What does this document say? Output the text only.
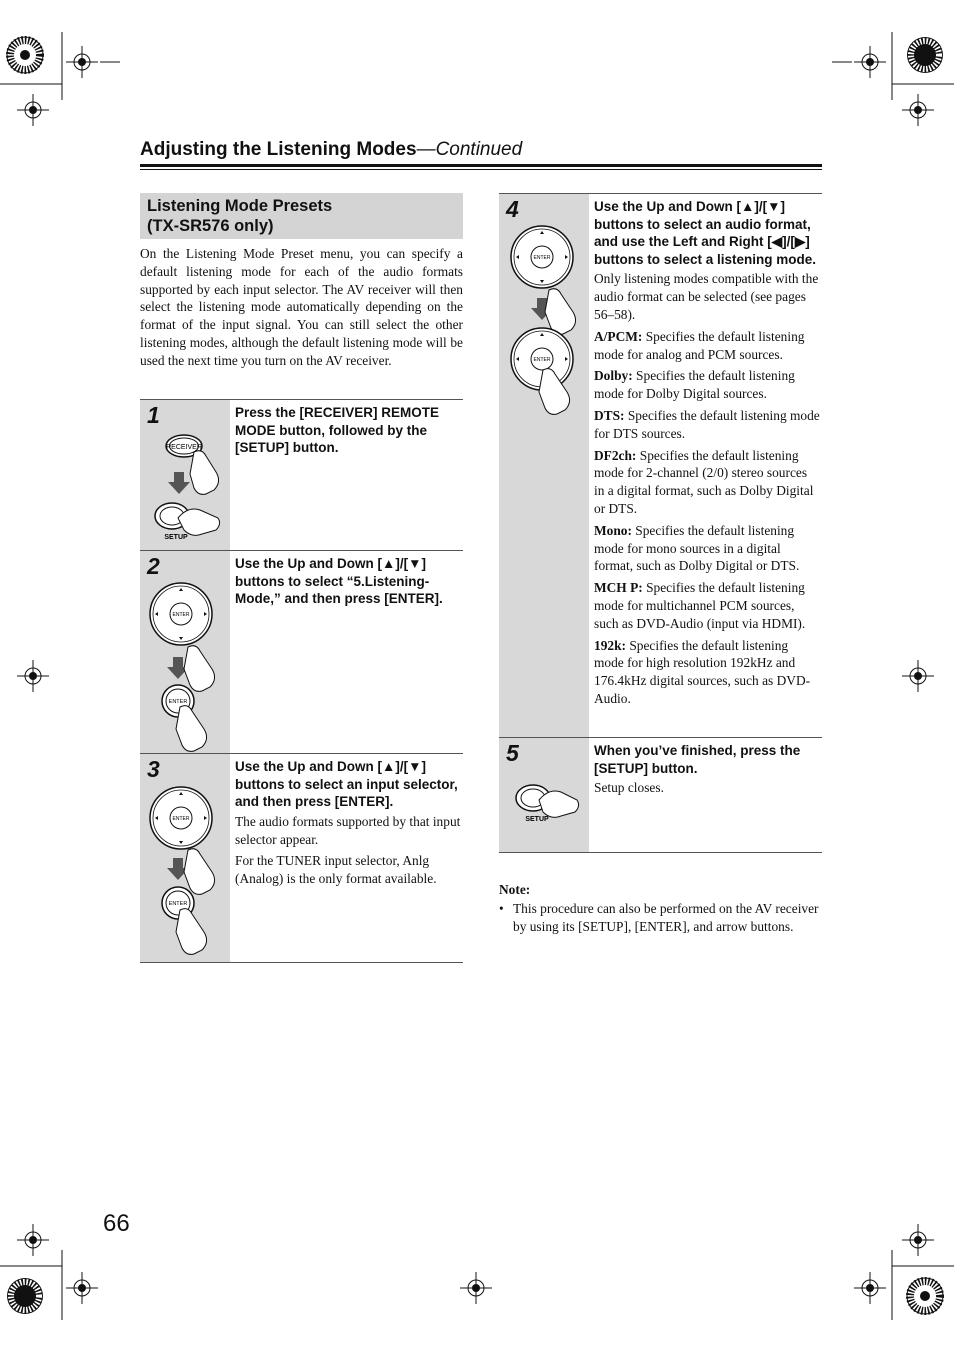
Adjusting the Listening Modes—Continued
Listening Mode Presets
(TX-SR576 only)
On the Listening Mode Preset menu, you can specify a default listening mode for each of the audio formats supported by each input selector. The AV receiver will then select the listening mode automatically depending on the format of the input signal. You can still select the other listening modes, although the default listening mode will be used the next time you turn on the AV receiver.
1
RECEIVER
SETUP
Press the [RECEIVER] REMOTE MODE button, followed by the [SETUP] button.
2
ENTER
ENTER
Use the Up and Down [▲]/[▼] buttons to select “5.Listening-Mode,” and then press [ENTER].
3
ENTER
ENTER
Use the Up and Down [▲]/[▼] buttons to select an input selector, and then press [ENTER].
The audio formats supported by that input selector appear.
For the TUNER input selector, Anlg (Analog) is the only format available.
4
ENTER
ENTER
Use the Up and Down [▲]/[▼] buttons to select an audio format, and use the Left and Right [◀]/[▶] buttons to select a listening mode.
Only listening modes compatible with the audio format can be selected (see pages 56–58).
A/PCM: Specifies the default listening mode for analog and PCM sources.
Dolby: Specifies the default listening mode for Dolby Digital sources.
DTS: Specifies the default listening mode for DTS sources.
DF2ch: Specifies the default listening mode for 2-channel (2/0) stereo sources in a digital format, such as Dolby Digital or DTS.
Mono: Specifies the default listening mode for mono sources in a digital format, such as Dolby Digital or DTS.
MCH P: Specifies the default listening mode for multichannel PCM sources, such as DVD-Audio (input via HDMI).
192k: Specifies the default listening mode for high resolution 192kHz and 176.4kHz digital sources, such as DVD-Audio.
5
SETUP
When you’ve finished, press the [SETUP] button.
Setup closes.
Note:
• This procedure can also be performed on the AV receiver by using its [SETUP], [ENTER], and arrow buttons.
66
